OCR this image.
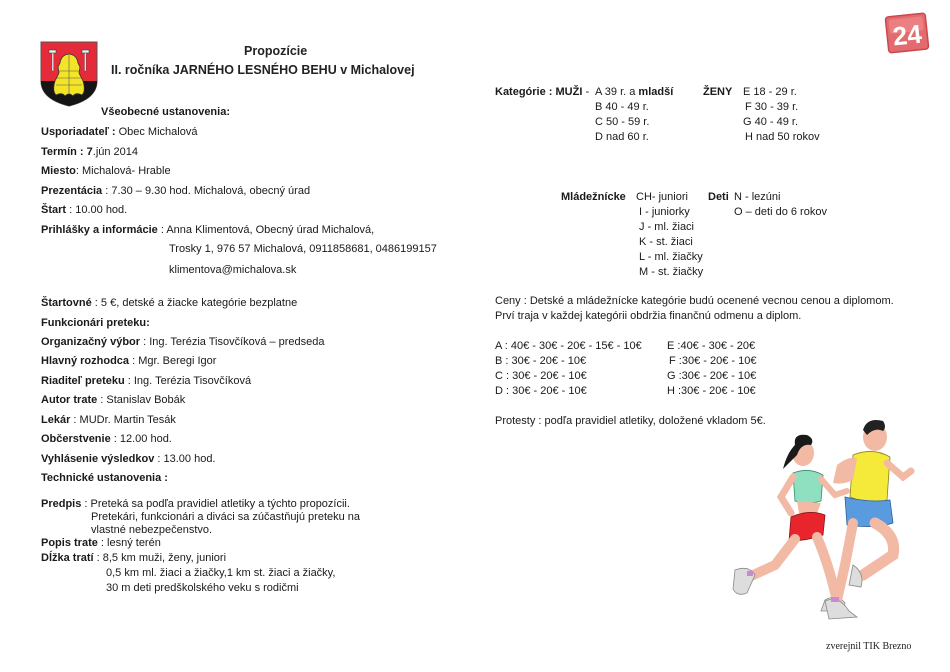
24
Propozície
II. ročníka JARNÉHO LESNÉHO BEHU v Michalovej
Všeobecné ustanovenia:
Usporiadateľ : Obec Michalová
Termín : 7.jún 2014
Miesto: Michalová- Hrable
Prezentácia : 7.30 – 9.30 hod. Michalová, obecný úrad
Štart : 10.00 hod.
Prihlášky a informácie : Anna Klimentová, Obecný úrad Michalová,
Trosky 1, 976 57 Michalová, 0911858681, 0486199157
klimentova@michalova.sk
Štartovné : 5 €, detské a žiacke kategórie bezplatne
Funkcionári preteku:
Organizačný výbor : Ing. Terézia Tisovčíková – predseda
Hlavný rozhodca : Mgr. Beregi Igor
Riaditeľ preteku : Ing. Terézia Tisovčíková
Autor trate : Stanislav Bobák
Lekár : MUDr. Martin Tesák
Občerstvenie : 12.00 hod.
Vyhlásenie výsledkov : 13.00 hod.
Technické ustanovenia :
Predpis : Preteká sa podľa pravidiel atletiky a týchto propozícii.
Pretekári, funkcionári a diváci sa zúčastňujú preteku na
vlastné nebezpečenstvo.
Popis trate : lesný terén
Dĺžka tratí : 8,5 km muži, ženy, juniori
0,5 km ml. žiaci a žiačky,1 km st. žiaci a žiačky,
30 m deti predškolského veku s rodičmi
Kategórie : MUŽI - A 39 r. a mladší
B 40 - 49 r.
C 50 - 59 r.
D nad 60 r.
ŽENY E 18 - 29 r.
F 30 - 39 r.
G 40 - 49 r.
H nad 50 rokov
Mládežnícke CH- juniori
I - juniorky
J - ml. žiaci
K - st. žiaci
L - ml. žiačky
M - st. žiačky
Deti N - lezúni
O – deti do 6 rokov
Ceny : Detské a mládežnícke kategórie budú ocenené vecnou cenou a diplomom.
Prví traja v každej kategórii obdržia finančnú odmenu a diplom.
A : 40€ - 30€ - 20€ - 15€ - 10€
B : 30€ - 20€ - 10€
C : 30€ - 20€ - 10€
D : 30€ - 20€ - 10€
E :40€ - 30€ - 20€
F :30€ - 20€ - 10€
G :30€ - 20€ - 10€
H :30€ - 20€ - 10€
Protesty : podľa pravidiel atletiky, doložené vkladom 5€.
zverejnil TIK Brezno
